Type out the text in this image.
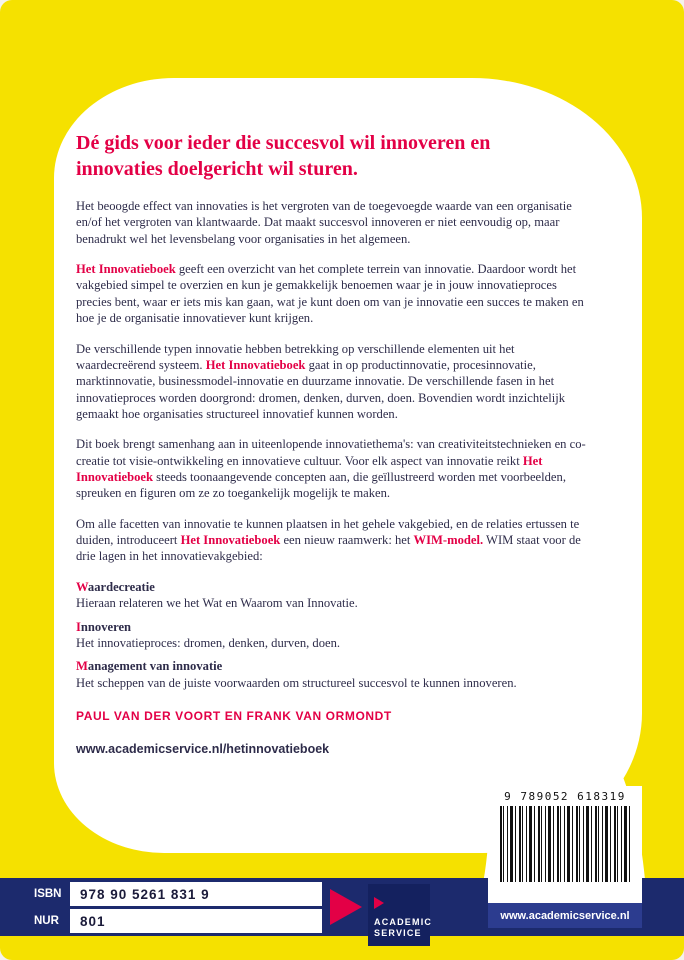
Dé gids voor ieder die succesvol wil innoveren en innovaties doelgericht wil sturen.

Het beoogde effect van innovaties is het vergroten van de toegevoegde waarde van een organisatie en/of het vergroten van klantwaarde. Dat maakt succesvol innoveren er niet eenvoudig op, maar benadrukt wel het levensbelang voor organisaties in het algemeen.

Het Innovatieboek geeft een overzicht van het complete terrein van innovatie. Daardoor wordt het vakgebied simpel te overzien en kun je gemakkelijk benoemen waar je in jouw innovatieproces precies bent, waar er iets mis kan gaan, wat je kunt doen om van je innovatie een succes te maken en hoe je de organisatie innovatiever kunt krijgen.

De verschillende typen innovatie hebben betrekking op verschillende elementen uit het waardecreërend systeem. Het Innovatieboek gaat in op productinnovatie, procesinnovatie, marktinnovatie, businessmodel-innovatie en duurzame innovatie. De verschillende fasen in het innovatieproces worden doorgrond: dromen, denken, durven, doen. Bovendien wordt inzichtelijk gemaakt hoe organisaties structureel innovatief kunnen worden.

Dit boek brengt samenhang aan in uiteenlopende innovatiethema's: van creativiteitstechnieken en co-creatie tot visie-ontwikkeling en innovatieve cultuur. Voor elk aspect van innovatie reikt Het Innovatieboek steeds toonaangevende concepten aan, die geïllustreerd worden met voorbeelden, spreuken en figuren om ze zo toegankelijk mogelijk te maken.

Om alle facetten van innovatie te kunnen plaatsen in het gehele vakgebied, en de relaties ertussen te duiden, introduceert Het Innovatieboek een nieuw raamwerk: het WIM-model. WIM staat voor de drie lagen in het innovatievakgebied:

Waardecreatie
Hieraan relateren we het Wat en Waarom van Innovatie.
Innoveren
Het innovatieproces: dromen, denken, durven, doen.
Management van innovatie
Het scheppen van de juiste voorwaarden om structureel succesvol te kunnen innoveren.
PAUL VAN DER VOORT EN FRANK VAN ORMONDT
www.academicservice.nl/hetinnovatieboek
ISBN	978 90 5261 831 9
NUR	801	ACADEMIC
SERVICE
9 789052 618319
www.academicservice.nl
